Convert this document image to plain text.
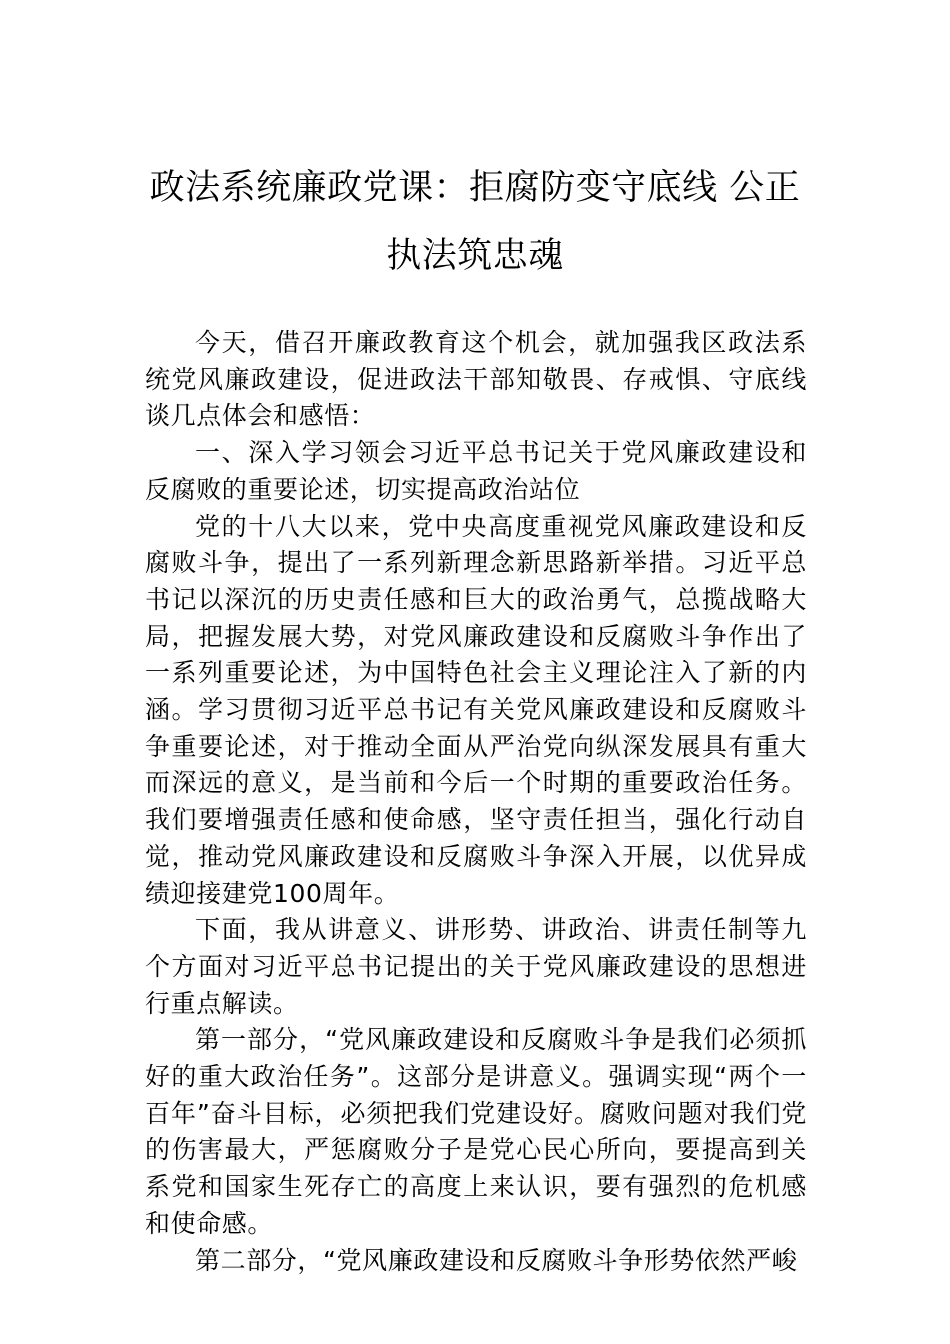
政法系统廉政党课：拒腐防变守底线 公正
执法筑忠魂

今天，借召开廉政教育这个机会，就加强我区政法系统党风廉政建设，促进政法干部知敬畏、存戒惧、守底线谈几点体会和感悟：

一、深入学习领会习近平总书记关于党风廉政建设和反腐败的重要论述，切实提高政治站位

党的十八大以来，党中央高度重视党风廉政建设和反腐败斗争，提出了一系列新理念新思路新举措。习近平总书记以深沉的历史责任感和巨大的政治勇气，总揽战略大局，把握发展大势，对党风廉政建设和反腐败斗争作出了一系列重要论述，为中国特色社会主义理论注入了新的内涵。学习贯彻习近平总书记有关党风廉政建设和反腐败斗争重要论述，对于推动全面从严治党向纵深发展具有重大而深远的意义，是当前和今后一个时期的重要政治任务。我们要增强责任感和使命感，坚守责任担当，强化行动自觉，推动党风廉政建设和反腐败斗争深入开展，以优异成绩迎接建党100周年。

下面，我从讲意义、讲形势、讲政治、讲责任制等九个方面对习近平总书记提出的关于党风廉政建设的思想进行重点解读。

第一部分，“党风廉政建设和反腐败斗争是我们必须抓好的重大政治任务”。这部分是讲意义。强调实现“两个一百年”奋斗目标，必须把我们党建设好。腐败问题对我们党的伤害最大，严惩腐败分子是党心民心所向，要提高到关系党和国家生死存亡的高度上来认识，要有强烈的危机感和使命感。

第二部分，“党风廉政建设和反腐败斗争形势依然严峻
